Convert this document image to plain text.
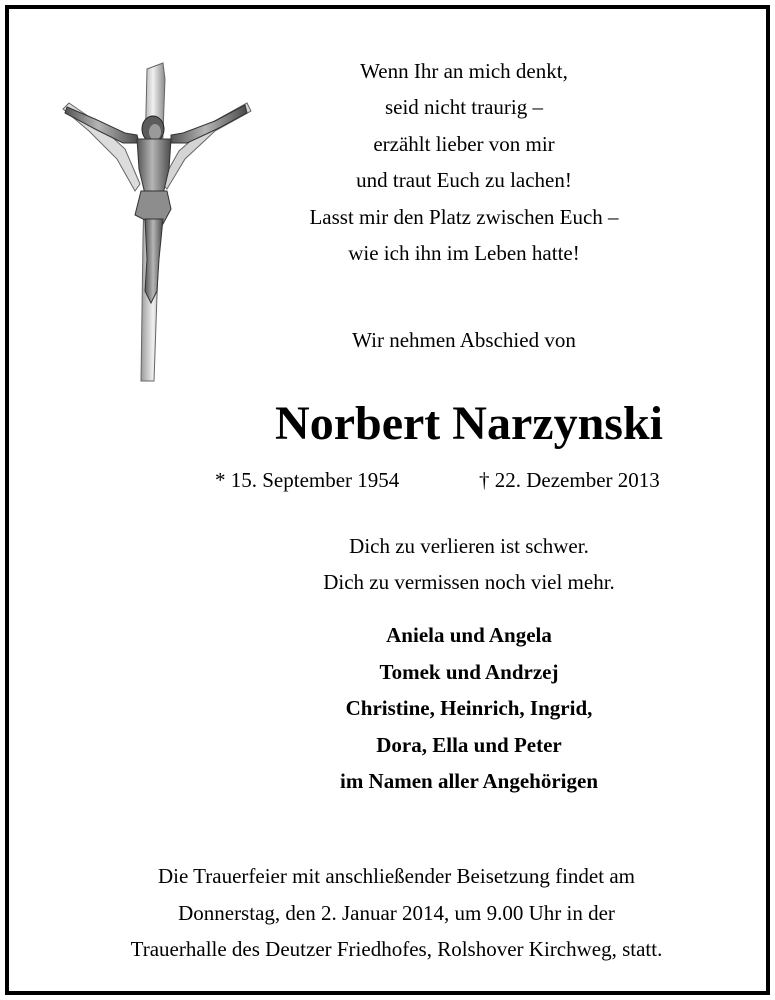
Wenn Ihr an mich denkt,
seid nicht traurig –
erzählt lieber von mir
und traut Euch zu lachen!
Lasst mir den Platz zwischen Euch –
wie ich ihn im Leben hatte!
Wir nehmen Abschied von
Norbert Narzynski
* 15. September 1954	† 22. Dezember 2013
Dich zu verlieren ist schwer.
Dich zu vermissen noch viel mehr.
Aniela und Angela
Tomek und Andrzej
Christine, Heinrich, Ingrid,
Dora, Ella und Peter
im Namen aller Angehörigen
Die Trauerfeier mit anschließender Beisetzung findet am
Donnerstag, den 2. Januar 2014, um 9.00 Uhr in der
Trauerhalle des Deutzer Friedhofes, Rolshover Kirchweg, statt.
